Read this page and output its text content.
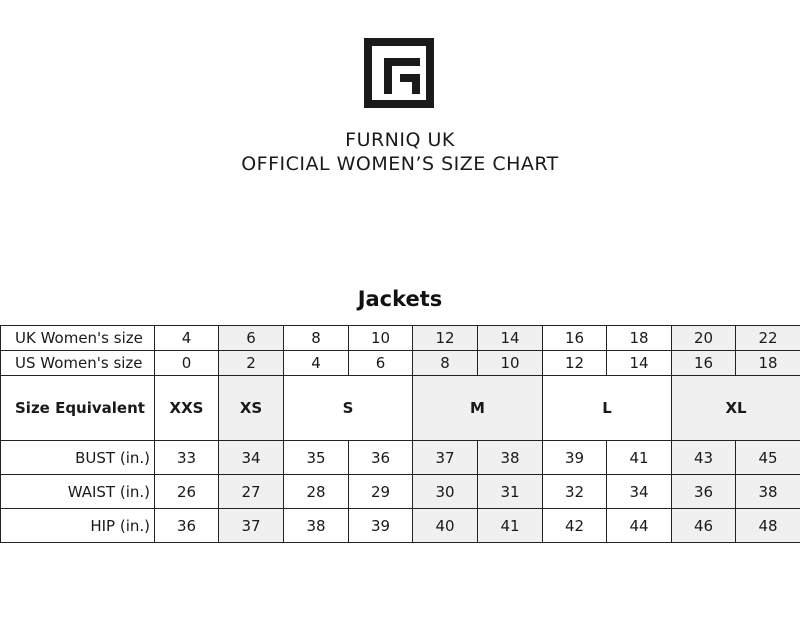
FURNIQ UK
OFFICIAL WOMEN’S SIZE CHART
Jackets
UK Women's size	4	6	8	10	12	14	16	18	20	22
US Women's size	0	2	4	6	8	10	12	14	16	18
Size Equivalent	XXS	XS	S		M		L		XL	
BUST (in.)	33	34	35	36	37	38	39	41	43	45
WAIST (in.)	26	27	28	29	30	31	32	34	36	38
HIP (in.)	36	37	38	39	40	41	42	44	46	48
